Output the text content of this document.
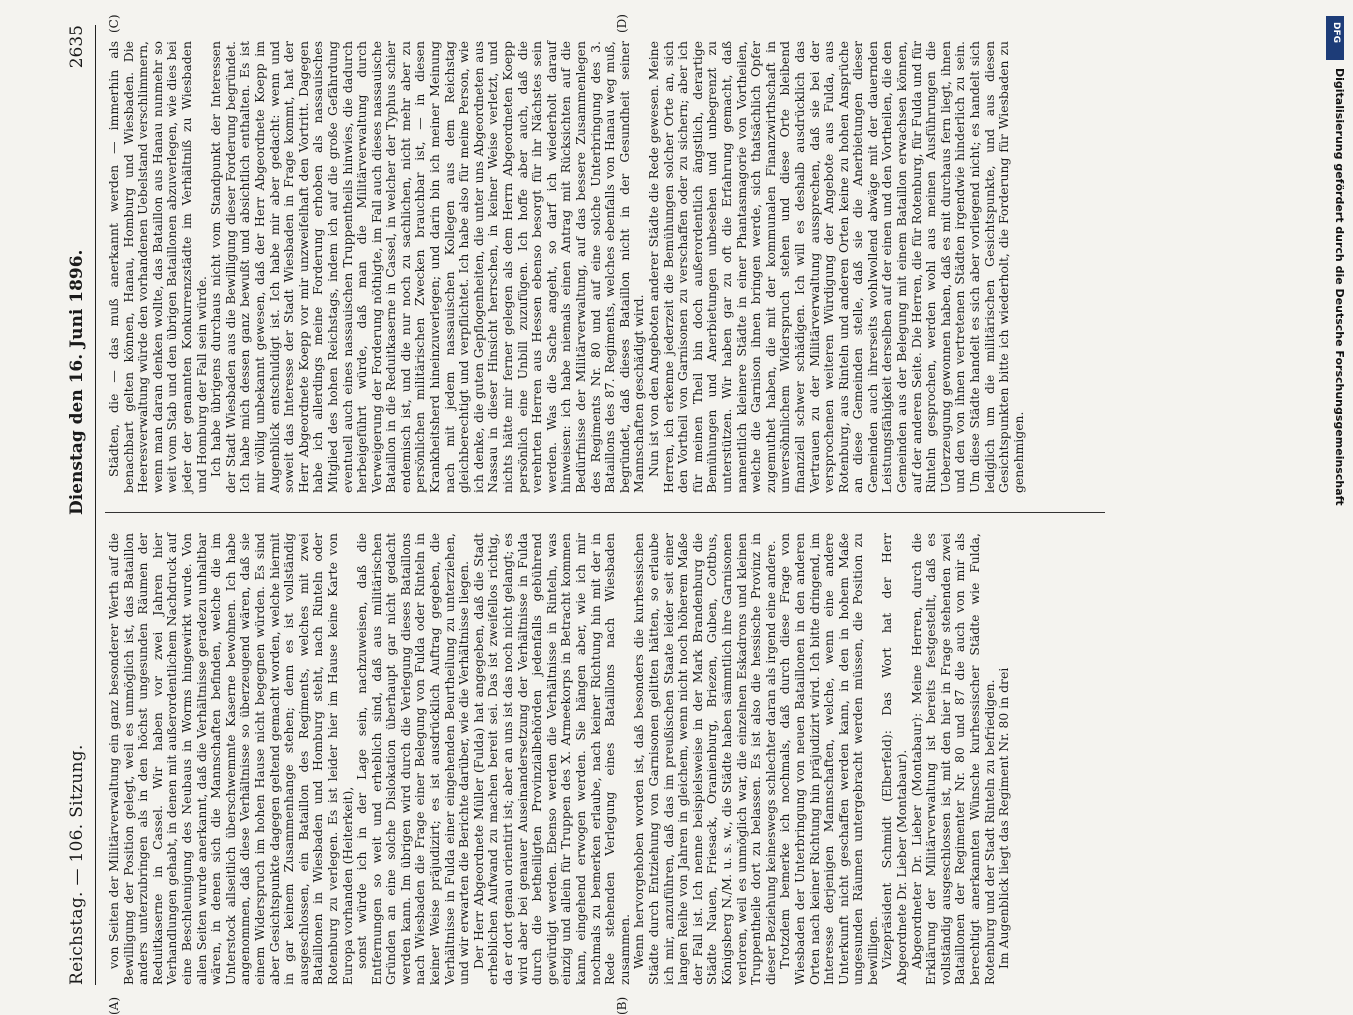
Reichstag. — 106. Sitzung.
Dienstag den 16. Juni 1896.
2635

von Seiten der Militärverwaltung ein ganz besonderer Werth auf die Bewilligung der Position gelegt, weil es unmöglich ist, das Bataillon anders unterzubringen als in den höchst ungesunden Räumen der Reduitkaserne in Cassel. Wir haben vor zwei Jahren hier Verhandlungen gehabt, in denen mit außerordentlichem Nachdruck auf eine Beschleunigung des Neubaus in Worms hingewirkt wurde. Von allen Seiten wurde anerkannt, daß die Verhältnisse geradezu unhaltbar wären, in denen sich die Mannschaften befinden, welche die im Unterstock allseitlich überschwemmte Kaserne bewohnen. Ich habe angenommen, daß diese Verhältnisse so überzeugend wären, daß sie einem Widerspruch im hohen Hause nicht begegnen würden. Es sind aber Gesichtspunkte dagegen geltend gemacht worden, welche hiermit in gar keinem Zusammenhange stehen; denn es ist vollständig ausgeschlossen, ein Bataillon des Regiments, welches mit zwei Bataillonen in Wiesbaden und Homburg steht, nach Rinteln oder Rotenburg zu verlegen. Es ist leider hier im Hause keine Karte von Europa vorhanden (Heiterkeit), sonst würde ich in der Lage sein, nachzuweisen, daß die Entfernungen so weit und erheblich sind, daß aus militärischen Gründen an eine solche Dislokation überhaupt gar nicht gedacht werden kann. Im übrigen wird durch die Verlegung dieses Bataillons nach Wiesbaden die Frage einer Belegung von Fulda oder Rinteln in keiner Weise präjudizirt; es ist ausdrücklich Auftrag gegeben, die Verhältnisse in Fulda einer eingehenden Beurtheilung zu unterziehen, und wir erwarten die Berichte darüber, wie die Verhältnisse liegen. Der Herr Abgeordnete Müller (Fulda) hat angegeben, daß die Stadt erheblichen Aufwand zu machen bereit sei. Das ist zweifellos richtig, da er dort genau orientirt ist; aber an uns ist das noch nicht gelangt; es wird aber bei genauer Auseinandersetzung der Verhältnisse in Fulda durch die betheiligten Provinzialbehörden jedenfalls gebührend gewürdigt werden. Ebenso werden die Verhältnisse in Rinteln, was einzig und allein für Truppen des X. Armeekorps in Betracht kommen kann, eingehend erwogen werden. Sie hängen aber, wie ich mir nochmals zu bemerken erlaube, nach keiner Richtung hin mit der in Rede stehenden Verlegung eines Bataillons nach Wiesbaden zusammen. Wenn hervorgehoben worden ist, daß besonders die kurhessischen Städte durch Entziehung von Garnisonen gelitten hätten, so erlaube ich mir, anzuführen, daß das im preußischen Staate leider seit einer langen Reihe von Jahren in gleichem, wenn nicht noch höherem Maße der Fall ist. Ich nenne beispielsweise in der Mark Brandenburg die Städte Nauen, Friesack, Oranienburg, Briezen, Guben, Cottbus, Königsberg N./M. u. s. w., die Städte haben sämmtlich ihre Garnisonen verloren, weil es unmöglich war, die einzelnen Eskadrons und kleinen Truppentheile dort zu belassen. Es ist also die hessische Provinz in dieser Beziehung keineswegs schlechter daran als irgend eine andere. Trotzdem bemerke ich nochmals, daß durch diese Frage von Wiesbaden der Unterbringung von neuen Bataillonen in den anderen Orten nach keiner Richtung hin präjudizirt wird. Ich bitte dringend, im Interesse derjenigen Mannschaften, welche, wenn eine andere Unterkunft nicht geschaffen werden kann, in den in hohem Maße ungesunden Räumen untergebracht werden müssen, die Position zu bewilligen. Vizepräsident Schmidt (Elberfeld): Das Wort hat der Herr Abgeordnete Dr. Lieber (Montabaur). Abgeordneter Dr. Lieber (Montabaur): Meine Herren, durch die Erklärung der Militärverwaltung ist bereits festgestellt, daß es vollständig ausgeschlossen ist, mit den hier in Frage stehenden zwei Bataillonen der Regimenter Nr. 80 und 87 die auch von mir als berechtigt anerkannten Wünsche kurhessischer Städte wie Fulda, Rotenburg und der Stadt Rinteln zu befriedigen. Im Augenblick liegt das Regiment Nr. 80 in drei

Städten, die — das muß anerkannt werden — immerhin als benachbart gelten können, Hanau, Homburg und Wiesbaden. Die Heeresverwaltung würde den vorhandenen Uebelstand verschlimmern, wenn man daran denken wollte, das Bataillon aus Hanau nunmehr so weit vom Stab und den übrigen Bataillonen abzuverlegen, wie dies bei jeder der genannten Konkurrenzstädte im Verhältniß zu Wiesbaden und Homburg der Fall sein würde. Ich habe übrigens durchaus nicht vom Standpunkt der Interessen der Stadt Wiesbaden aus die Bewilligung dieser Forderung begründet. Ich habe mich dessen ganz bewußt und absichtlich enthalten. Es ist mir völlig unbekannt gewesen, daß der Herr Abgeordnete Koepp im Augenblick entschuldigt ist. Ich habe mir aber gedacht: wenn und soweit das Interesse der Stadt Wiesbaden in Frage kommt, hat der Herr Abgeordnete Koepp vor mir unzweifelhaft den Vortritt. Dagegen habe ich allerdings meine Forderung erhoben als nassauisches Mitglied des hohen Reichstags, indem ich auf die große Gefährdung eventuell auch eines nassauischen Truppentheils hinwies, die dadurch herbeigeführt würde, daß man die Militärverwaltung durch Verweigerung der Forderung nöthigte, im Fall auch dieses nassauische Bataillon in die Reduitkaserne in Cassel, in welcher der Typhus schier endemisch ist, und die nur noch zu sachlichen, nicht mehr aber zu persönlichen militärischen Zwecken brauchbar ist, — in diesen Krankheitsherd hineinzuverlegen; und darin bin ich meiner Meinung nach mit jedem nassauischen Kollegen aus dem Reichstag gleichberechtigt und verpflichtet. Ich habe also für meine Person, wie ich denke, die guten Gepflogenheiten, die unter uns Abgeordneten aus Nassau in dieser Hinsicht herrschen, in keiner Weise verletzt, und nichts hätte mir ferner gelegen als dem Herrn Abgeordneten Koepp persönlich eine Unbill zuzufügen. Ich hoffe aber auch, daß die verehrten Herren aus Hessen ebenso besorgt für ihr Nächstes sein werden. Was die Sache angeht, so darf ich wiederholt darauf hinweisen: ich habe niemals einen Antrag mit Rücksichten auf die Bedürfnisse der Militärverwaltung, auf das bessere Zusammenlegen des Regiments Nr. 80 und auf eine solche Unterbringung des 3. Bataillons des 87. Regiments, welches ebenfalls von Hanau weg muß, begründet, daß dieses Bataillon nicht in der Gesundheit seiner Mannschaften geschädigt wird. Nun ist von den Angeboten anderer Städte die Rede gewesen. Meine Herren, ich erkenne jederzeit die Bemühungen solcher Orte an, sich den Vortheil von Garnisonen zu verschaffen oder zu sichern; aber ich für meinen Theil bin doch außerordentlich ängstlich, derartige Bemühungen und Anerbietungen unbesehen und unbegrenzt zu unterstützen. Wir haben gar zu oft die Erfahrung gemacht, daß namentlich kleinere Städte in einer Phantasmagorie von Vortheilen, welche die Garnison ihnen bringen werde, sich thatsächlich Opfer zugemuthet haben, die mit der kommunalen Finanzwirthschaft in unversöhnlichem Widerspruch stehen und diese Orte bleibend finanziell schwer schädigen. Ich will es deshalb ausdrücklich das Vertrauen zu der Militärverwaltung aussprechen, daß sie bei der versprochenen weiteren Würdigung der Angebote aus Fulda, aus Rotenburg, aus Rinteln und anderen Orten keine zu hohen Ansprüche an diese Gemeinden stelle, daß sie die Anerbietungen dieser Gemeinden auch ihrerseits wohlwollend abwäge mit der dauernden Leistungsfähigkeit derselben auf der einen und den Vortheilen, die den Gemeinden aus der Belegung mit einem Bataillon erwachsen können, auf der anderen Seite. Die Herren, die für Rotenburg, für Fulda und für Rinteln gesprochen, werden wohl aus meinen Ausführungen die Ueberzeugung gewonnen haben, daß es mit durchaus fern liegt, ihnen und den von ihnen vertretenen Städten irgendwie hinderlich zu sein. Um diese Städte handelt es sich aber vorliegend nicht; es handelt sich lediglich um die militärischen Gesichtspunkte, und aus diesen Gesichtspunkten bitte ich wiederholt, die Forderung für Wiesbaden zu genehmigen.

(A)	(B)
(C)	(D)	DFG
Digitalisierung gefördert durch die Deutsche Forschungsgemeinschaft
